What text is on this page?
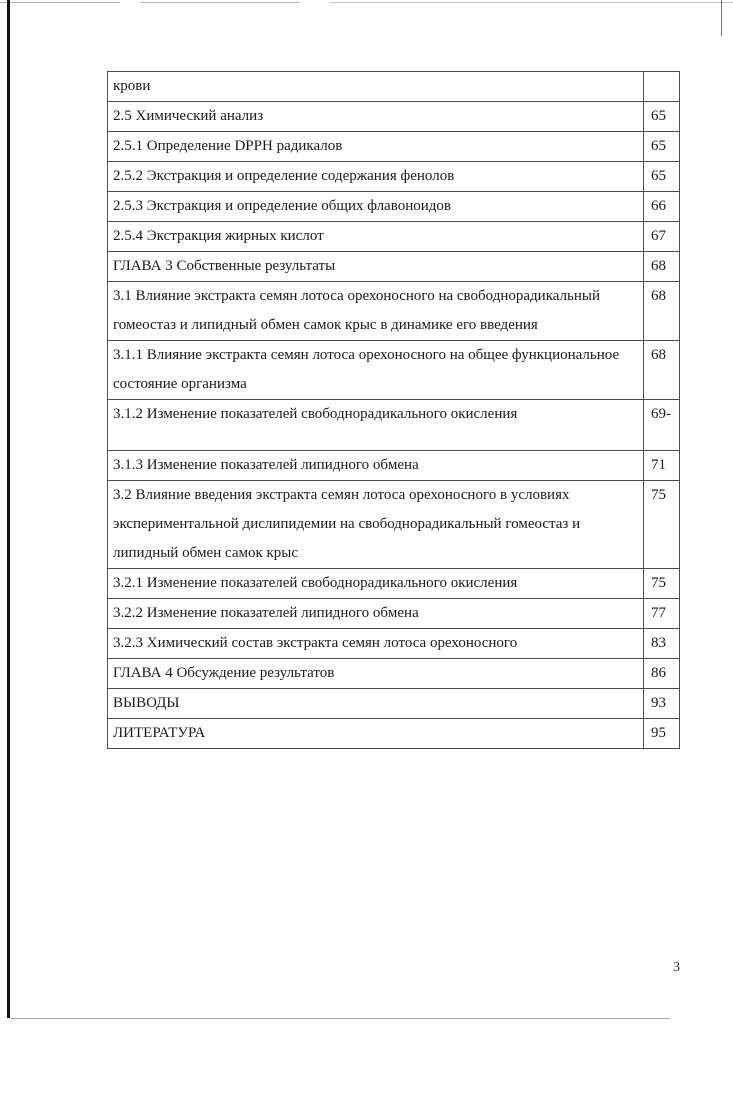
крови	
2.5 Химический анализ	65
2.5.1 Определение DPPH радикалов	65
2.5.2 Экстракция и определение содержания фенолов	65
2.5.3 Экстракция и определение общих флавоноидов	66
2.5.4 Экстракция жирных кислот	67
ГЛАВА 3 Собственные результаты	68
3.1 Влияние экстракта семян лотоса орехоносного на свободнорадикальный гомеостаз и липидный обмен самок крыс в динамике его введения	68
3.1.1 Влияние экстракта семян лотоса орехоносного на общее функциональное состояние организма	68
3.1.2 Изменение показателей свободнорадикального окисления	69-
3.1.3 Изменение показателей липидного обмена	71
3.2 Влияние введения экстракта семян лотоса орехоносного в условиях экспериментальной дислипидемии на свободнорадикальный гомеостаз и липидный обмен самок крыс	75
3.2.1 Изменение показателей свободнорадикального окисления	75
3.2.2 Изменение показателей липидного обмена	77
3.2.3 Химический состав экстракта семян лотоса орехоносного	83
ГЛАВА 4 Обсуждение результатов	86
ВЫВОДЫ	93
ЛИТЕРАТУРА	95
3
